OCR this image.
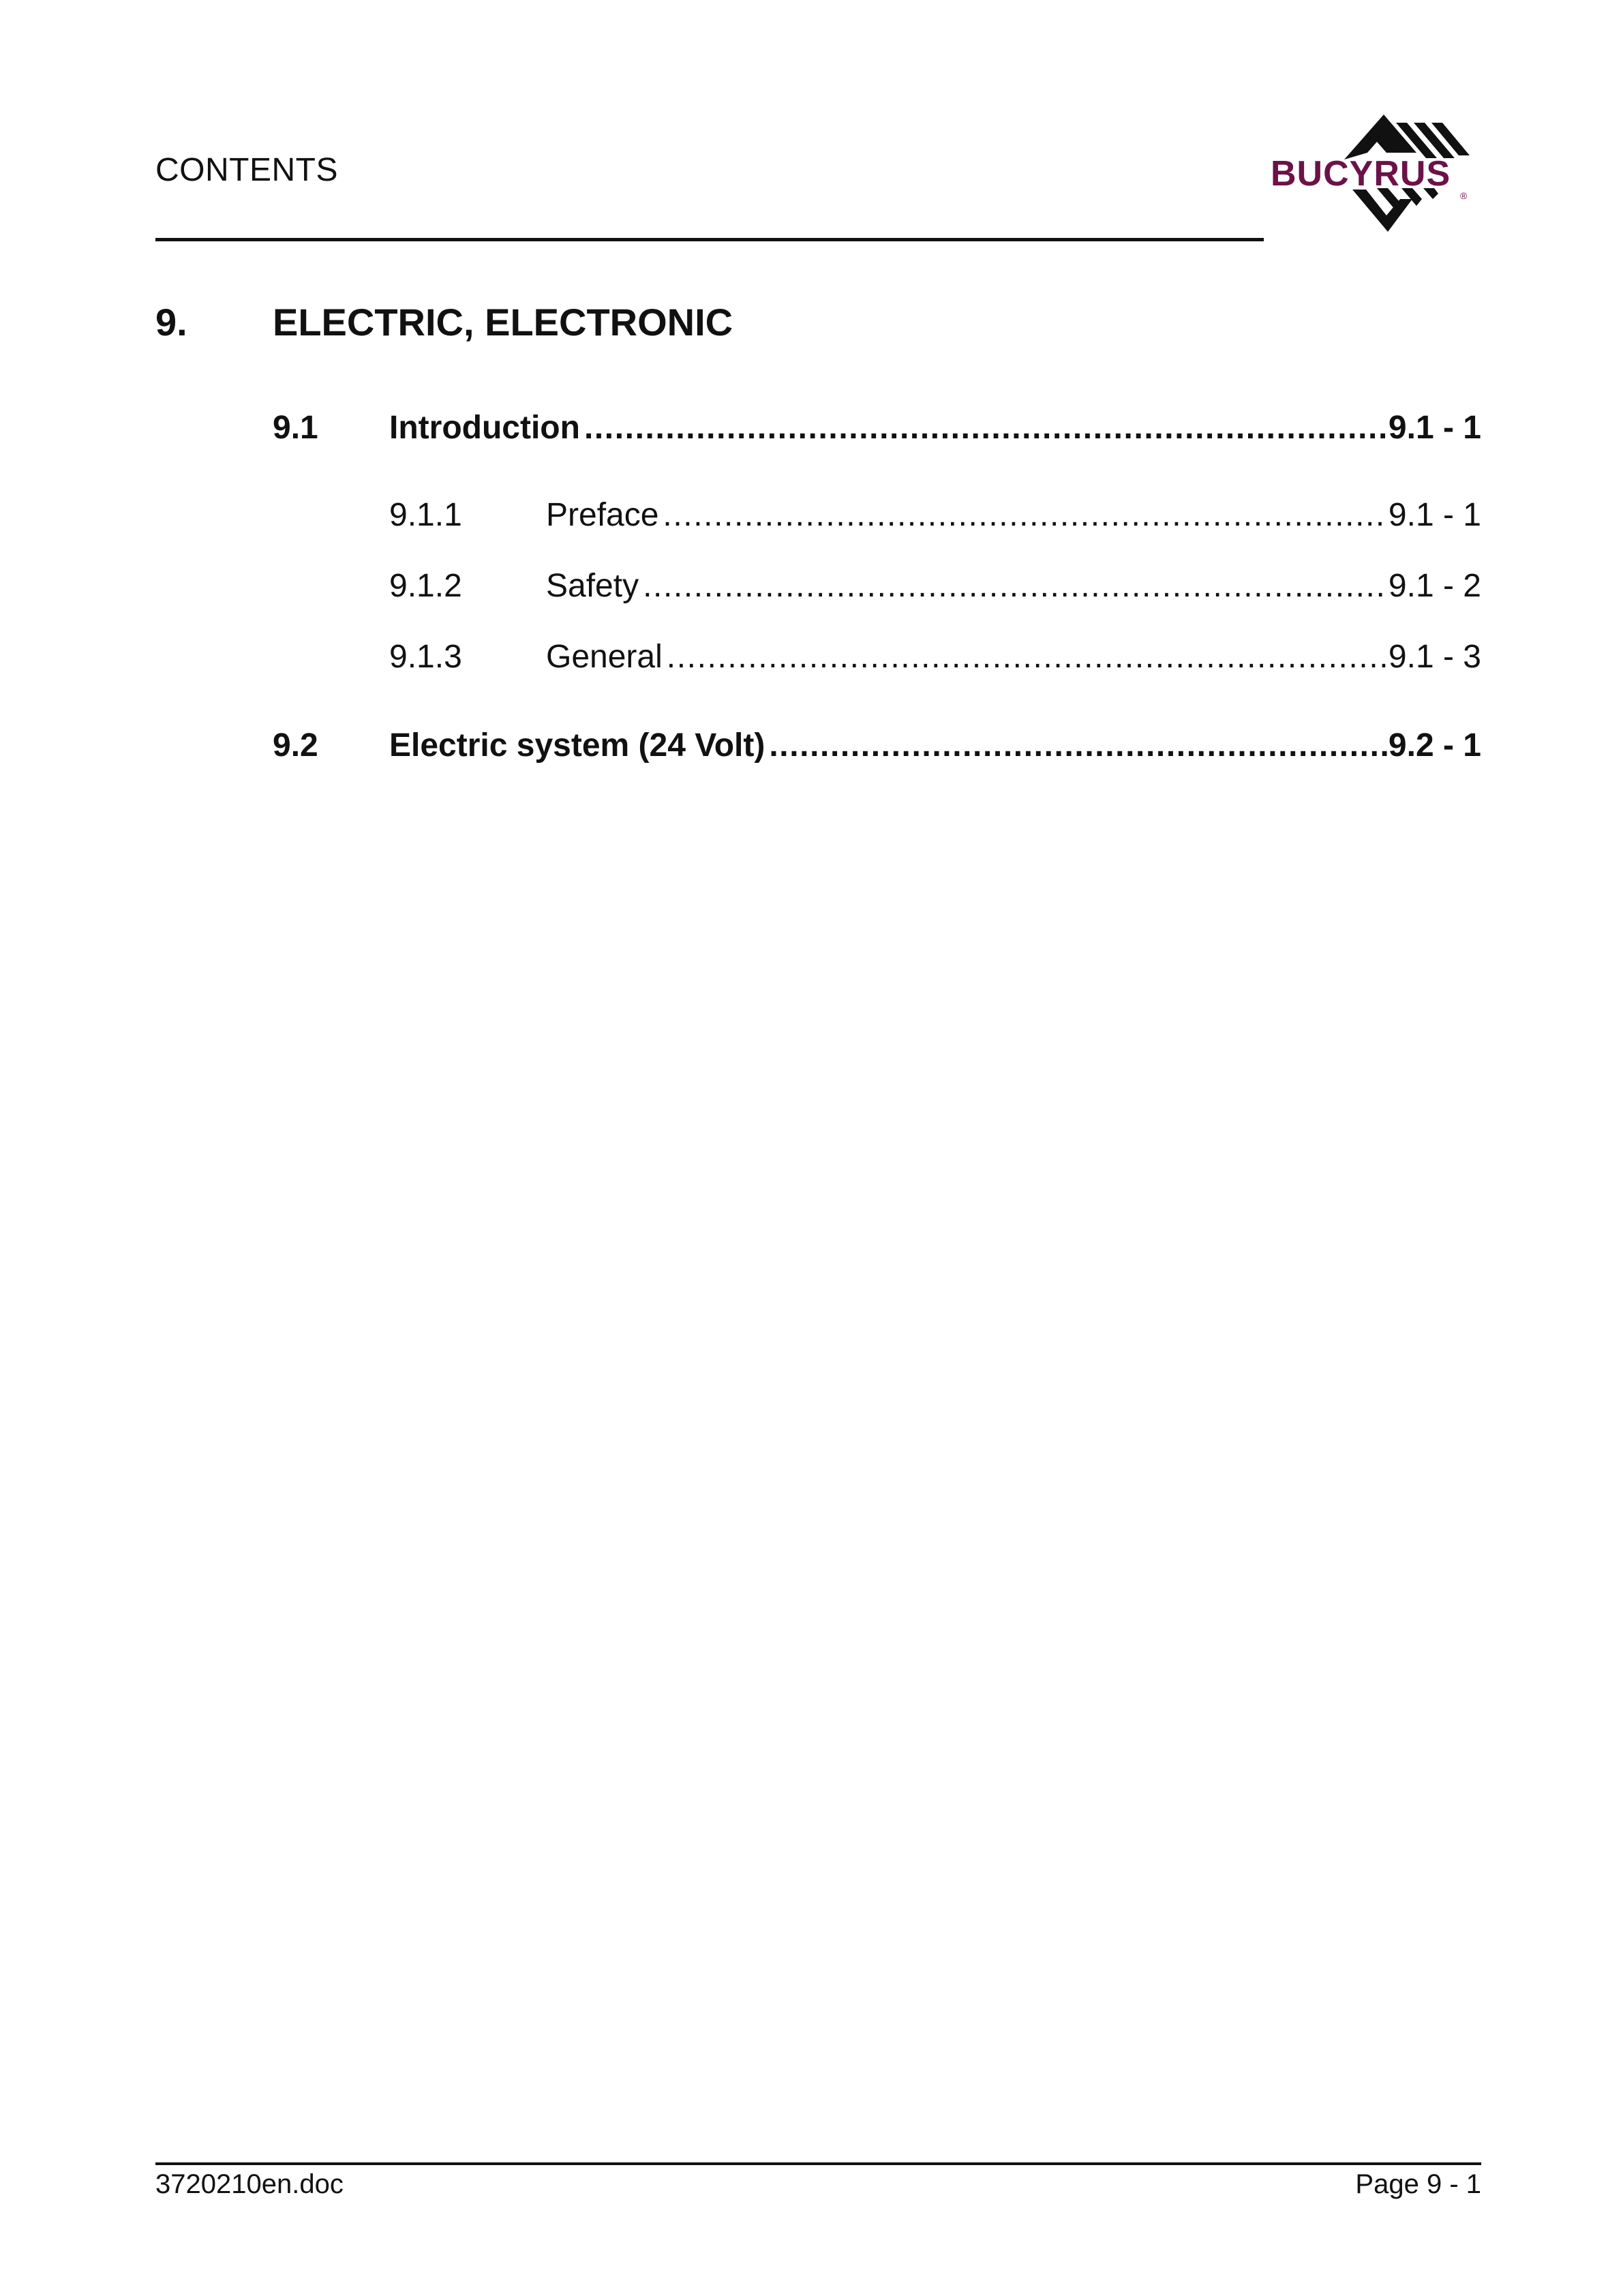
CONTENTS	BUCYRUS
®
9. ELECTRIC, ELECTRONIC
9.1	Introduction .....	9.1 - 1
9.1.1	Preface .....	9.1 - 1
9.1.2	Safety .....	9.1 - 2
9.1.3	General .....	9.1 - 3
9.2	Electric system (24 Volt) .....	9.2 - 1
3720210en.doc	Page 9 - 1
